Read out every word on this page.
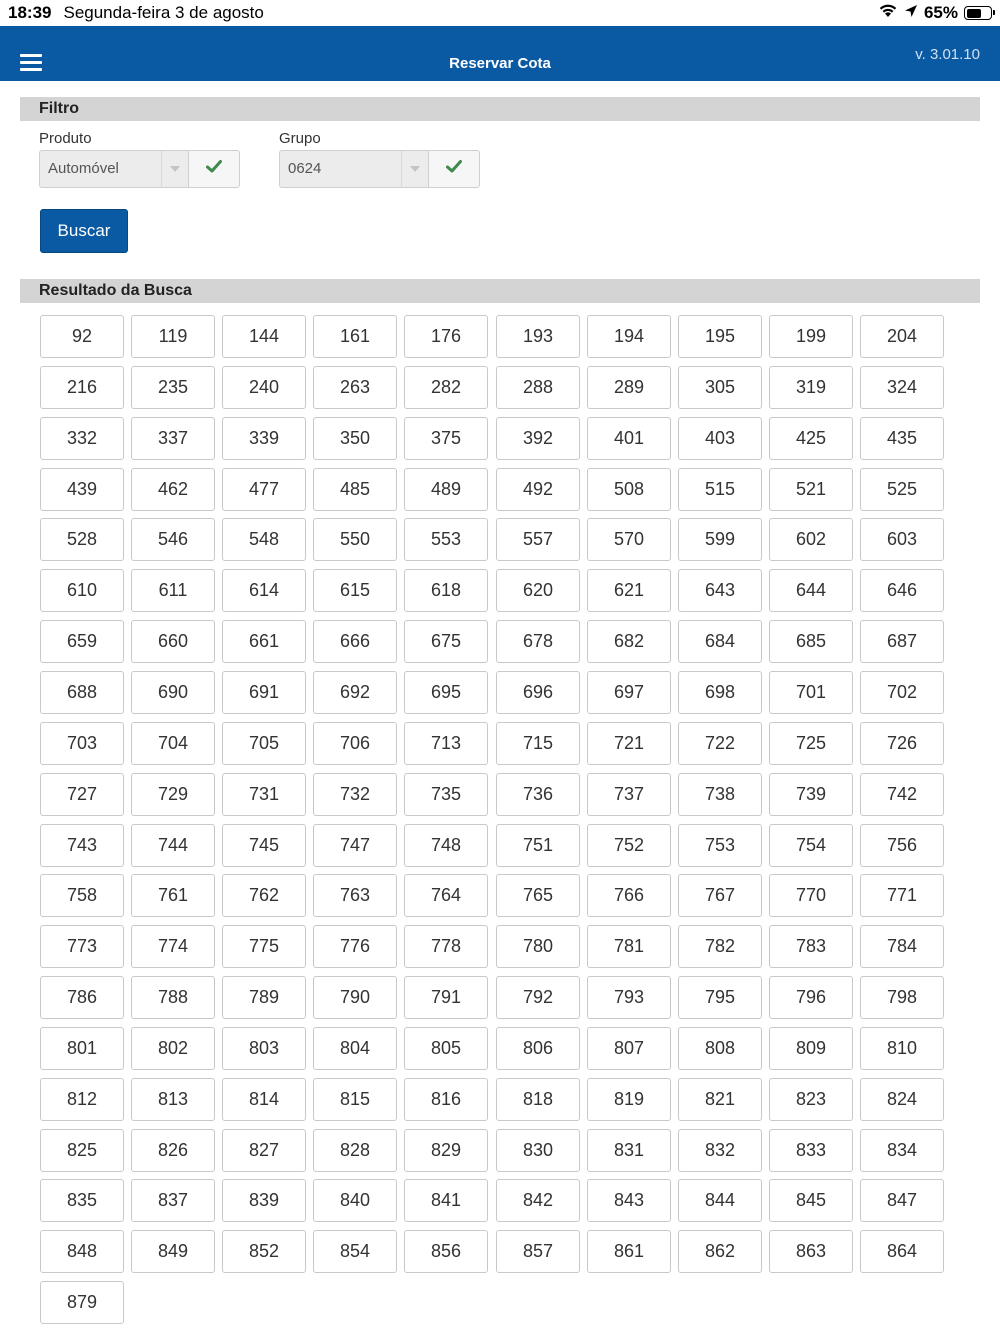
18:39 Segunda-feira 3 de agosto	65%
Reservar Cota
v. 3.01.10
Filtro
Produto
Automóvel
Grupo
0624
Buscar
Resultado da Busca
92	119	144	161	176	193	194	195	199	204
216	235	240	263	282	288	289	305	319	324
332	337	339	350	375	392	401	403	425	435
439	462	477	485	489	492	508	515	521	525
528	546	548	550	553	557	570	599	602	603
610	611	614	615	618	620	621	643	644	646
659	660	661	666	675	678	682	684	685	687
688	690	691	692	695	696	697	698	701	702
703	704	705	706	713	715	721	722	725	726
727	729	731	732	735	736	737	738	739	742
743	744	745	747	748	751	752	753	754	756
758	761	762	763	764	765	766	767	770	771
773	774	775	776	778	780	781	782	783	784
786	788	789	790	791	792	793	795	796	798
801	802	803	804	805	806	807	808	809	810
812	813	814	815	816	818	819	821	823	824
825	826	827	828	829	830	831	832	833	834
835	837	839	840	841	842	843	844	845	847
848	849	852	854	856	857	861	862	863	864
879
